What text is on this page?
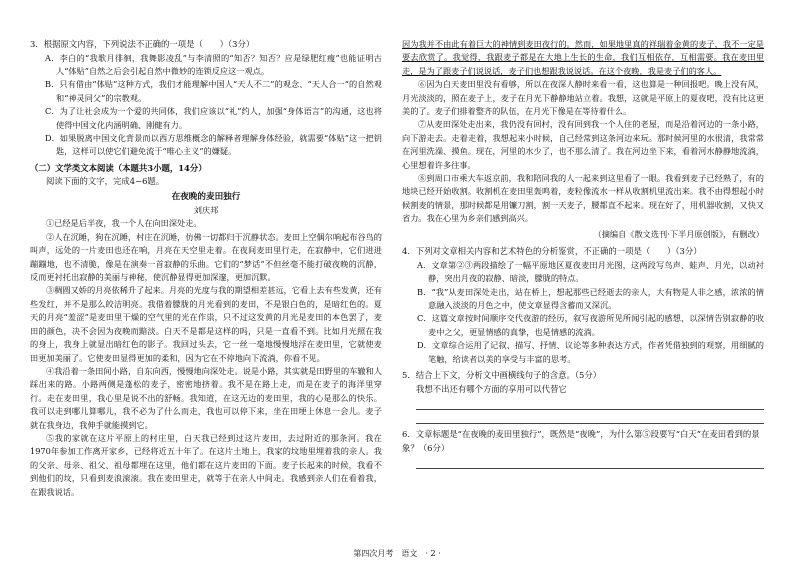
3．根据原文内容，下列说法不正确的一项是（　　）（3分）

A．李白的“我歌月徘徊，我舞影凌乱”与李清照的“知否？知否？应是绿肥红瘦”也能证明古人“体贴”自然之后会引起自然中微妙的连锁反应这一观点。

B．只有借由“体贴”这种方式，我们才能理解中国人“天人不二”的观念、“天人合一”的自然观和“神灵同父”的宗教观。

C．为了让社会成为一个爱的共同体，我们应该以“礼”约人，加强“身体语言”的沟通，这也将使得中国文化内涵明确、刚健有力。

D．如果脱离中国文化背景而以西方思维概念的解释者理解身体经验，就需要“体贴”这一把钥匙，这样可以使它们避免流于“唯心主义”的嫌疑。

（二）文学类文本阅读（本题共3小题，14分）

阅读下面的文字，完成4~6题。

在夜晚的麦田独行

刘庆邦

①已经是后半夜，我一个人在向田深处走。

②人在沉睡，狗在沉睡，村庄在沉睡，仿佛一切都归于沉静状态。麦田上空偶尔响起布谷鸟的叫声，远处的一片麦田也还在响，月亮在天空里走着。在夜间麦田里行走，在寂静中，它们进进蹦蹦地，也不清脆，像是在演奏一首寂静的乐曲。它们的“梦话”不但丝毫不能打破夜晚的沉静，反而更衬托出寂静的美丽与神秘，使沉静显得更加深邃，更加沉默。

③稠圆又娇的月亮依稀升了起来。月亮的光度与我的期望相差甚远，它看上去有些发黄，还有些发红，并不是那么皎洁明亮。我借着朦胧的月光看到的麦田，不是银白色的，是暗红色的。夏天的月亮“羞涩”是麦田里干燥的空气里的光在作祟，只不过这发黄的月光是麦田的本色罢了，麦田的颜色，决不会因为夜晚而黯淡。白天不是都是这样的吗，只是一直看不到。比如月光照在我的身上，我身上就显出暗红色的影子。我回过头去，它一丝一毫地慢慢地浮在麦田里，它就使麦田更加美丽了。它使麦田显得更加的柔和，因为它在不停地向下流淌，你看不见。

④我沿着一条田间小路，自东向西，慢慢地向深处走。说是小路，其实就是田野里的车辙和人踩出来的路。小路两侧是蓬松的麦子，密密地挤着。我不是在路上走，而是在麦子的海洋里穿行。走在麦田里，我心里是说不出的舒畅。我知道，在这无边的麦田里，我的心是那么的快乐。我可以走到哪儿算哪儿，我不必为了什么而走，我也可以停下来，坐在田埂上休息一会儿。麦子就在我身边，我伸手就能摸到它。

⑤我的家就在这片平原上的村庄里，白天我已经到过这片麦田，去过附近的那条河。我在1970年参加工作离开家乡，已经将近五十年了。在这片土地上，我家的坟地里埋着我的亲人。我的父亲、母亲、祖父、祖母都埋在这里，他们都在这片麦田的下面。麦子长起来的时候，我看不到他们的坟，只看到麦浪滚滚。我在麦田里走，就等于在亲人中间走。我感到亲人们在看着我，在跟我说话。

因为我并不由此有着巨大的神情到麦田夜行的。然而，如果地里真的祥瑞着金黄的麦子，我不一定是要去欣赏了。我觉得，我跟麦子都是在大地上生长的生命，我们互相依存，互相需要。我在麦田里走，是为了跟麦子们说说话，麦子们也想跟我说说话。在这个夜晚，我是麦子们的客人。

⑥因为白天麦田里没有看够，所以在夜深人静时来看一看，这也算是一种回报吧。晚上没有风，月光淡淡的，照在麦子上，麦子在月光下静静地站立着。我想，这就是平原上的夏夜吧，没有比这更美的了。麦子们排着整齐的队伍，在月光下像是在等待着什么。

⑦从麦田深处走出来，我仍没有回村，没有回到我一个人住的老屋，而是沿着河边的一条小路，向下游走去。走着走着，我想起来小时候，自己经常到这条河边来玩。那时候河里的水很清，我常常在河里洗澡、摸鱼。现在，河里的水少了，也不那么清了。我在河边坐下来，看着河水静静地流淌，心里想着许多往事。

⑧到周口市乘大车返京前，我和陪同我的人一起来到这里看了一眼。我看到麦子已经熟了，有的地块已经开始收割。收割机在麦田里轰鸣着，麦粒像流水一样从收割机里流出来。我不由得想起小时候割麦的情景，那时候都是用镰刀割，割一天麦子，腰都直不起来。现在好了，用机器收割，又快又省力。我在心里为乡亲们感到高兴。

（摘编自《散文选刊·下半月原创版》，有删改）

4．下列对文章相关内容和艺术特色的分析鉴赏，不正确的一项是（　　）（3分）

A．文章第②③两段描绘了一幅平原地区夏夜麦田月光图，这两段写鸟声、蛙声、月光，以动衬静，突出月夜的寂静、暗淡，朦胧的特点。

B．“我”从麦田深处走出，站在桥上，想起那些已经逝去的亲人，大有物是人非之感，浓浓的情意融入淡淡的月色之中，使文章显得含蓄而又深沉。

C．这篇文章按时间顺序交代夜游的经历，叙写夜游所见所闻引起的感想，以深情告别寂静的收麦中之父，更显情感的真挚，也是情感的流淌。

D．文章综合运用了记叙、描写、抒情、议论等多种表达方式，作者凭借独到的观察，用细腻的笔触，给读者以美的享受与丰富的思考。

5．结合上下文，分析文中画横线句子的含意。（5分）

我想不出还有哪个方面的享用可以代替它

6．文章标题是“在夜晚的麦田里独行”，既然是“夜晚”，为什么第⑤段要写“白天”在麦田看到的景象？（6分）

第四次月考　语文　· 2 ·
